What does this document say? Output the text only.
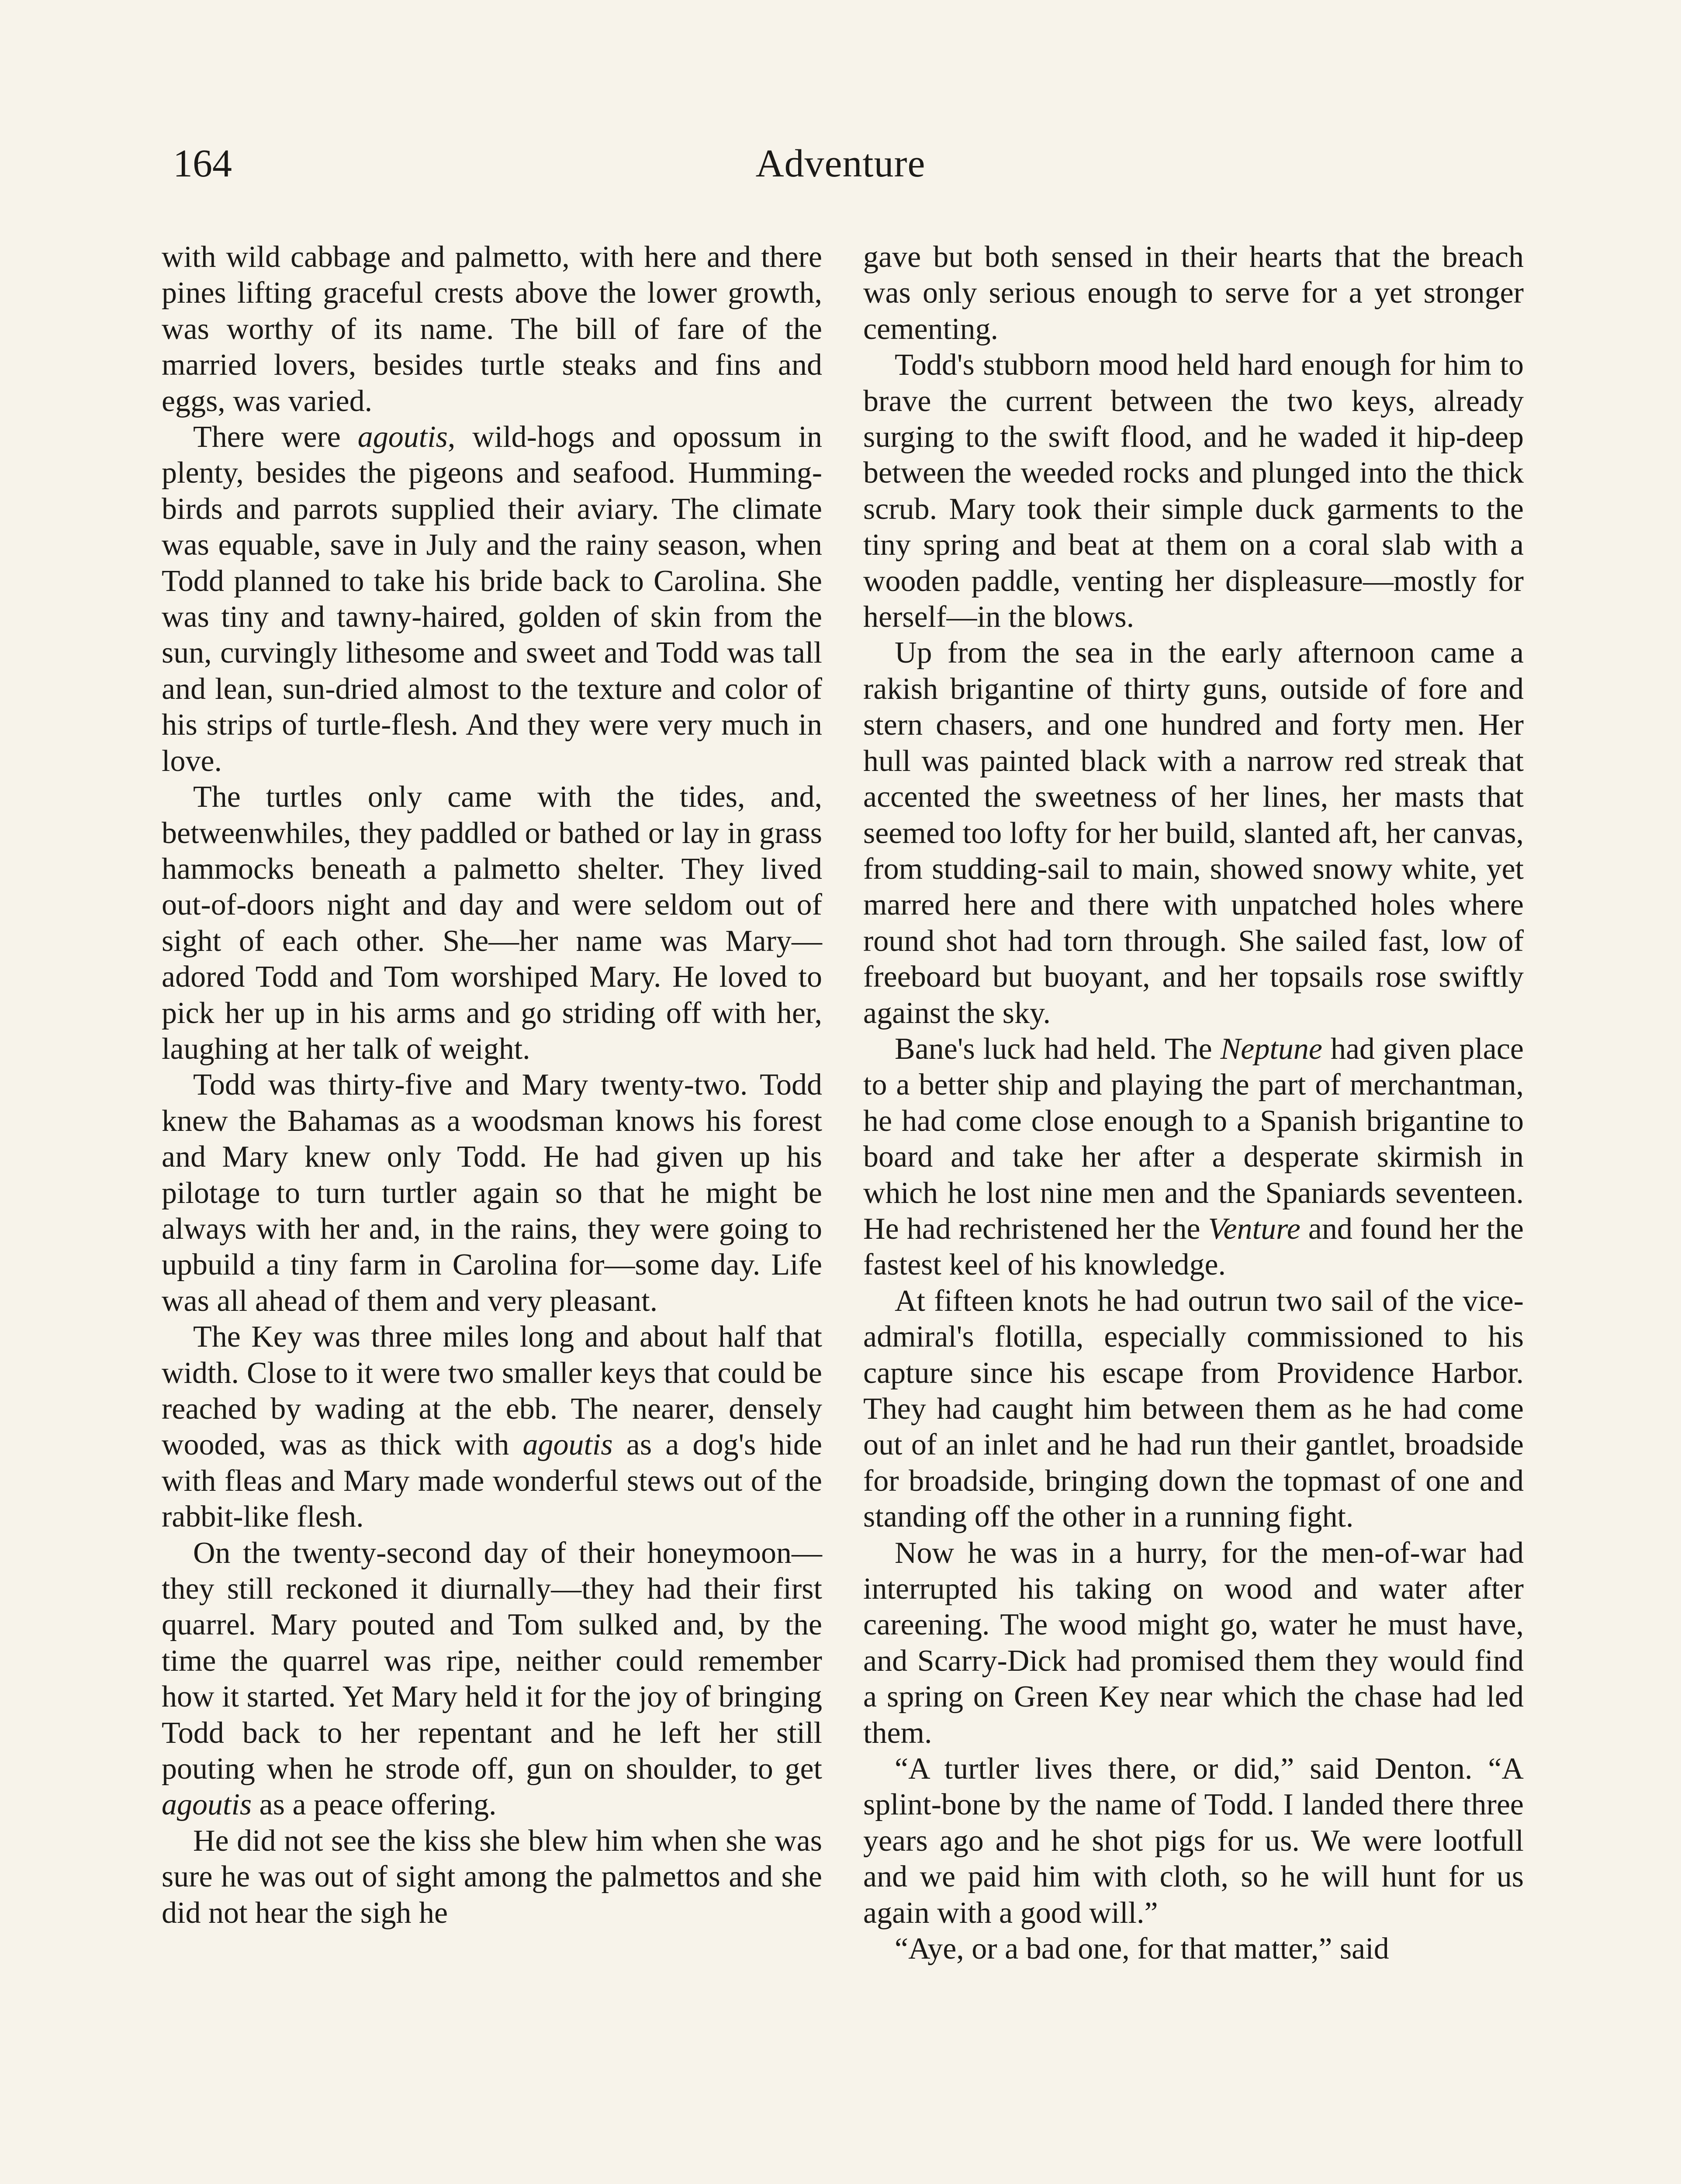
164	Adventure

with wild cabbage and palmetto, with here and there pines lifting graceful crests above the lower growth, was worthy of its name. The bill of fare of the married lovers, besides turtle steaks and fins and eggs, was varied.

There were agoutis, wild-hogs and opossum in plenty, besides the pigeons and seafood. Humming-birds and parrots supplied their aviary. The climate was equable, save in July and the rainy season, when Todd planned to take his bride back to Carolina. She was tiny and tawny-haired, golden of skin from the sun, curvingly lithesome and sweet and Todd was tall and lean, sun-dried almost to the texture and color of his strips of turtle-flesh. And they were very much in love.

The turtles only came with the tides, and, betweenwhiles, they paddled or bathed or lay in grass hammocks beneath a palmetto shelter. They lived out-of-doors night and day and were seldom out of sight of each other. She—her name was Mary—adored Todd and Tom worshiped Mary. He loved to pick her up in his arms and go striding off with her, laughing at her talk of weight.

Todd was thirty-five and Mary twenty-two. Todd knew the Bahamas as a woodsman knows his forest and Mary knew only Todd. He had given up his pilotage to turn turtler again so that he might be always with her and, in the rains, they were going to upbuild a tiny farm in Carolina for—some day. Life was all ahead of them and very pleasant.

The Key was three miles long and about half that width. Close to it were two smaller keys that could be reached by wading at the ebb. The nearer, densely wooded, was as thick with agoutis as a dog's hide with fleas and Mary made wonderful stews out of the rabbit-like flesh.

On the twenty-second day of their honeymoon—they still reckoned it diurnally—they had their first quarrel. Mary pouted and Tom sulked and, by the time the quarrel was ripe, neither could remember how it started. Yet Mary held it for the joy of bringing Todd back to her repentant and he left her still pouting when he strode off, gun on shoulder, to get agoutis as a peace offering.

He did not see the kiss she blew him when she was sure he was out of sight among the palmettos and she did not hear the sigh he

gave but both sensed in their hearts that the breach was only serious enough to serve for a yet stronger cementing.

Todd's stubborn mood held hard enough for him to brave the current between the two keys, already surging to the swift flood, and he waded it hip-deep between the weeded rocks and plunged into the thick scrub. Mary took their simple duck garments to the tiny spring and beat at them on a coral slab with a wooden paddle, venting her displeasure—mostly for herself—in the blows.

Up from the sea in the early afternoon came a rakish brigantine of thirty guns, outside of fore and stern chasers, and one hundred and forty men. Her hull was painted black with a narrow red streak that accented the sweetness of her lines, her masts that seemed too lofty for her build, slanted aft, her canvas, from studding-sail to main, showed snowy white, yet marred here and there with unpatched holes where round shot had torn through. She sailed fast, low of freeboard but buoyant, and her topsails rose swiftly against the sky.

Bane's luck had held. The Neptune had given place to a better ship and playing the part of merchantman, he had come close enough to a Spanish brigantine to board and take her after a desperate skirmish in which he lost nine men and the Spaniards seventeen. He had rechristened her the Venture and found her the fastest keel of his knowledge.

At fifteen knots he had outrun two sail of the vice-admiral's flotilla, especially commissioned to his capture since his escape from Providence Harbor. They had caught him between them as he had come out of an inlet and he had run their gantlet, broadside for broadside, bringing down the topmast of one and standing off the other in a running fight.

Now he was in a hurry, for the men-of-war had interrupted his taking on wood and water after careening. The wood might go, water he must have, and Scarry-Dick had promised them they would find a spring on Green Key near which the chase had led them.

“A turtler lives there, or did,” said Denton. “A splint-bone by the name of Todd. I landed there three years ago and he shot pigs for us. We were lootfull and we paid him with cloth, so he will hunt for us again with a good will.”

“Aye, or a bad one, for that matter,” said
